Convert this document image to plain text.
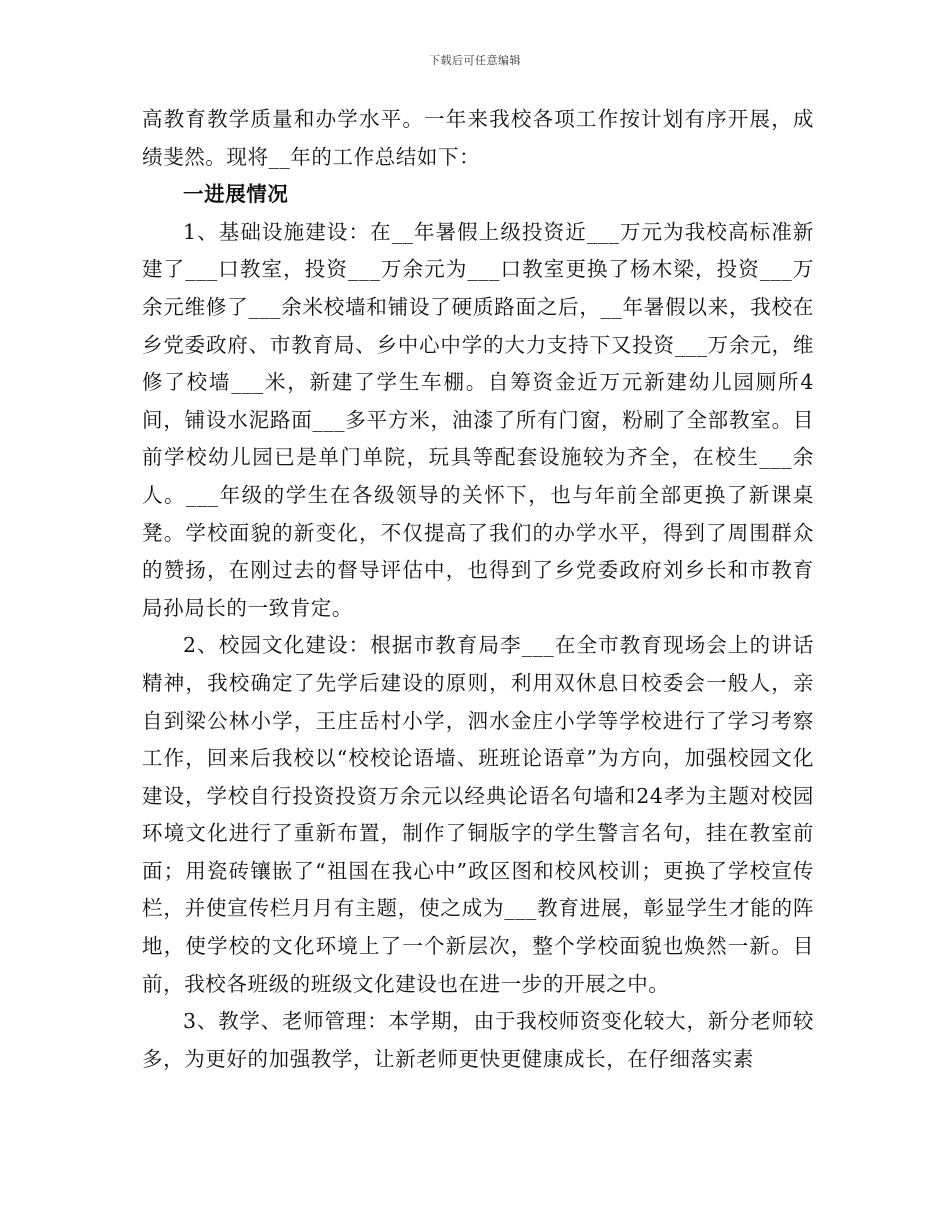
下载后可任意编辑

高教育教学质量和办学水平。一年来我校各项工作按计划有序开展，成绩斐然。现将__年的工作总结如下：

一进展情况

1、基础设施建设：在__年暑假上级投资近___万元为我校高标准新建了___口教室，投资___万余元为___口教室更换了杨木梁，投资___万余元维修了___余米校墙和铺设了硬质路面之后，__年暑假以来，我校在乡党委政府、市教育局、乡中心中学的大力支持下又投资___万余元，维修了校墙___米，新建了学生车棚。自筹资金近万元新建幼儿园厕所4间，铺设水泥路面___多平方米，油漆了所有门窗，粉刷了全部教室。目前学校幼儿园已是单门单院，玩具等配套设施较为齐全，在校生___余人。___年级的学生在各级领导的关怀下，也与年前全部更换了新课桌凳。学校面貌的新变化，不仅提高了我们的办学水平，得到了周围群众的赞扬，在刚过去的督导评估中，也得到了乡党委政府刘乡长和市教育局孙局长的一致肯定。

2、校园文化建设：根据市教育局李___在全市教育现场会上的讲话精神，我校确定了先学后建设的原则，利用双休息日校委会一般人，亲自到梁公林小学，王庄岳村小学，泗水金庄小学等学校进行了学习考察工作，回来后我校以“校校论语墙、班班论语章”为方向，加强校园文化建设，学校自行投资投资万余元以经典论语名句墙和24孝为主题对校园环境文化进行了重新布置，制作了铜版字的学生警言名句，挂在教室前面；用瓷砖镶嵌了“祖国在我心中”政区图和校风校训；更换了学校宣传栏，并使宣传栏月月有主题，使之成为___教育进展，彰显学生才能的阵地，使学校的文化环境上了一个新层次，整个学校面貌也焕然一新。目前，我校各班级的班级文化建设也在进一步的开展之中。

3、教学、老师管理：本学期，由于我校师资变化较大，新分老师较多，为更好的加强教学，让新老师更快更健康成长，在仔细落实素
